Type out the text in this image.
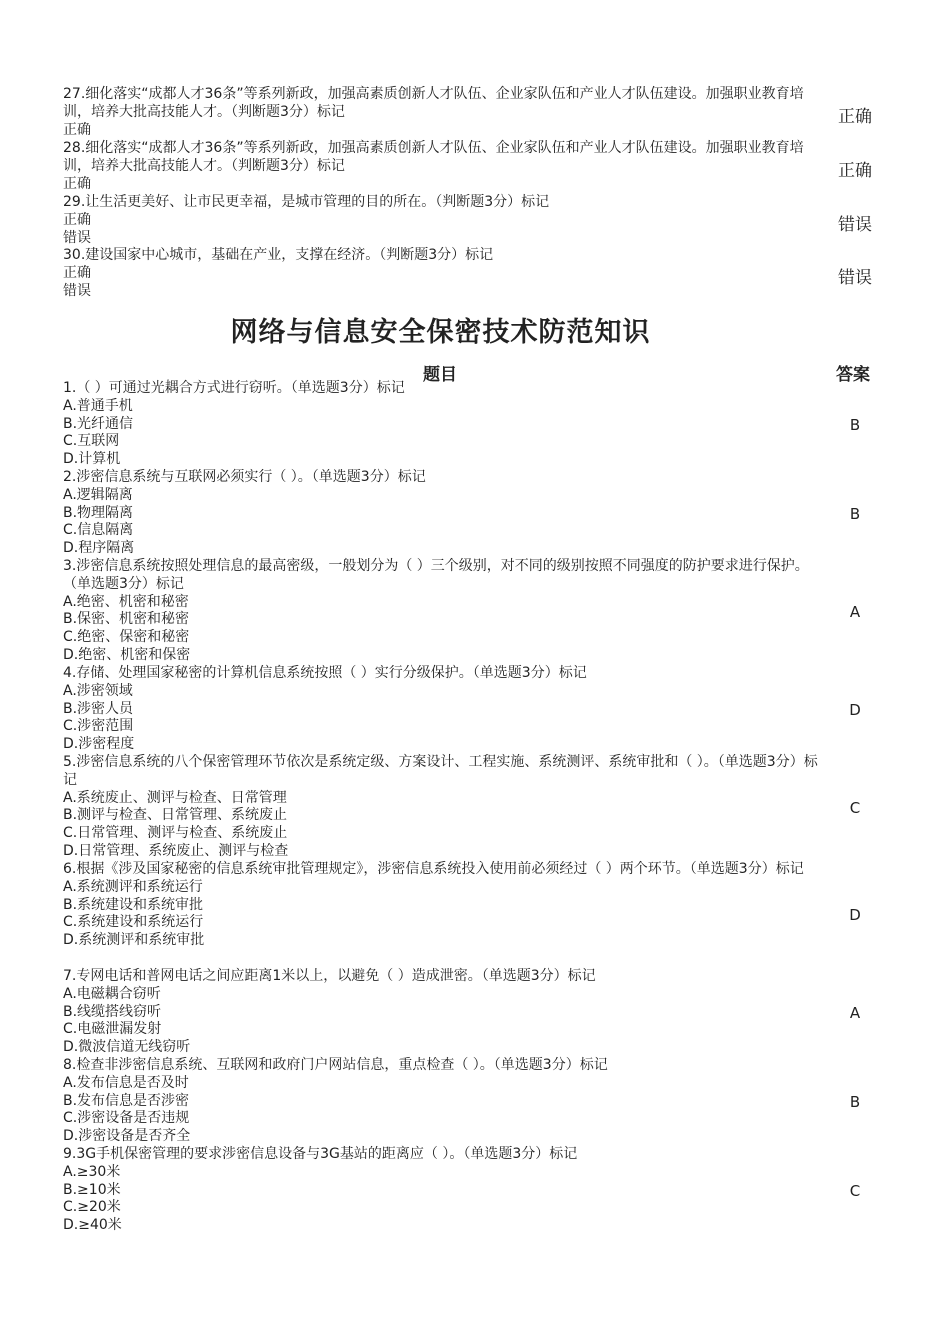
27.细化落实“成都人才36条”等系列新政，加强高素质创新人才队伍、企业家队伍和产业人才队伍建设。加强职业教育培训，培养大批高技能人才。（判断题3分）标记
正确
正确
28.细化落实“成都人才36条”等系列新政，加强高素质创新人才队伍、企业家队伍和产业人才队伍建设。加强职业教育培训，培养大批高技能人才。（判断题3分）标记
正确
正确
29.让生活更美好、让市民更幸福，是城市管理的目的所在。（判断题3分）标记
正确
错误
错误
30.建设国家中心城市，基础在产业，支撑在经济。（判断题3分）标记
正确
错误
错误
网络与信息安全保密技术防范知识
题目	答案
1.（ ）可通过光耦合方式进行窃听。（单选题3分）标记
A.普通手机
B.光纤通信
C.互联网
D.计算机
B
2.涉密信息系统与互联网必须实行（ ）。（单选题3分）标记
A.逻辑隔离
B.物理隔离
C.信息隔离
D.程序隔离
B
3.涉密信息系统按照处理信息的最高密级，一般划分为（ ）三个级别，对不同的级别按照不同强度的防护要求进行保护。（单选题3分）标记
A.绝密、机密和秘密
B.保密、机密和秘密
C.绝密、保密和秘密
D.绝密、机密和保密
A
4.存储、处理国家秘密的计算机信息系统按照（ ）实行分级保护。（单选题3分）标记
A.涉密领域
B.涉密人员
C.涉密范围
D.涉密程度
D
5.涉密信息系统的八个保密管理环节依次是系统定级、方案设计、工程实施、系统测评、系统审批和（ ）。（单选题3分）标记
A.系统废止、测评与检查、日常管理
B.测评与检查、日常管理、系统废止
C.日常管理、测评与检查、系统废止
D.日常管理、系统废止、测评与检查
C
6.根据《涉及国家秘密的信息系统审批管理规定》，涉密信息系统投入使用前必须经过（ ）两个环节。（单选题3分）标记
A.系统测评和系统运行
B.系统建设和系统审批
C.系统建设和系统运行
D.系统测评和系统审批
D
7.专网电话和普网电话之间应距离1米以上，以避免（ ）造成泄密。（单选题3分）标记
A.电磁耦合窃听
B.线缆搭线窃听
C.电磁泄漏发射
D.微波信道无线窃听
A
8.检查非涉密信息系统、互联网和政府门户网站信息，重点检查（ ）。（单选题3分）标记
A.发布信息是否及时
B.发布信息是否涉密
C.涉密设备是否违规
D.涉密设备是否齐全
B
9.3G手机保密管理的要求涉密信息设备与3G基站的距离应（ ）。（单选题3分）标记
A.≥30米
B.≥10米
C.≥20米
D.≥40米
C
